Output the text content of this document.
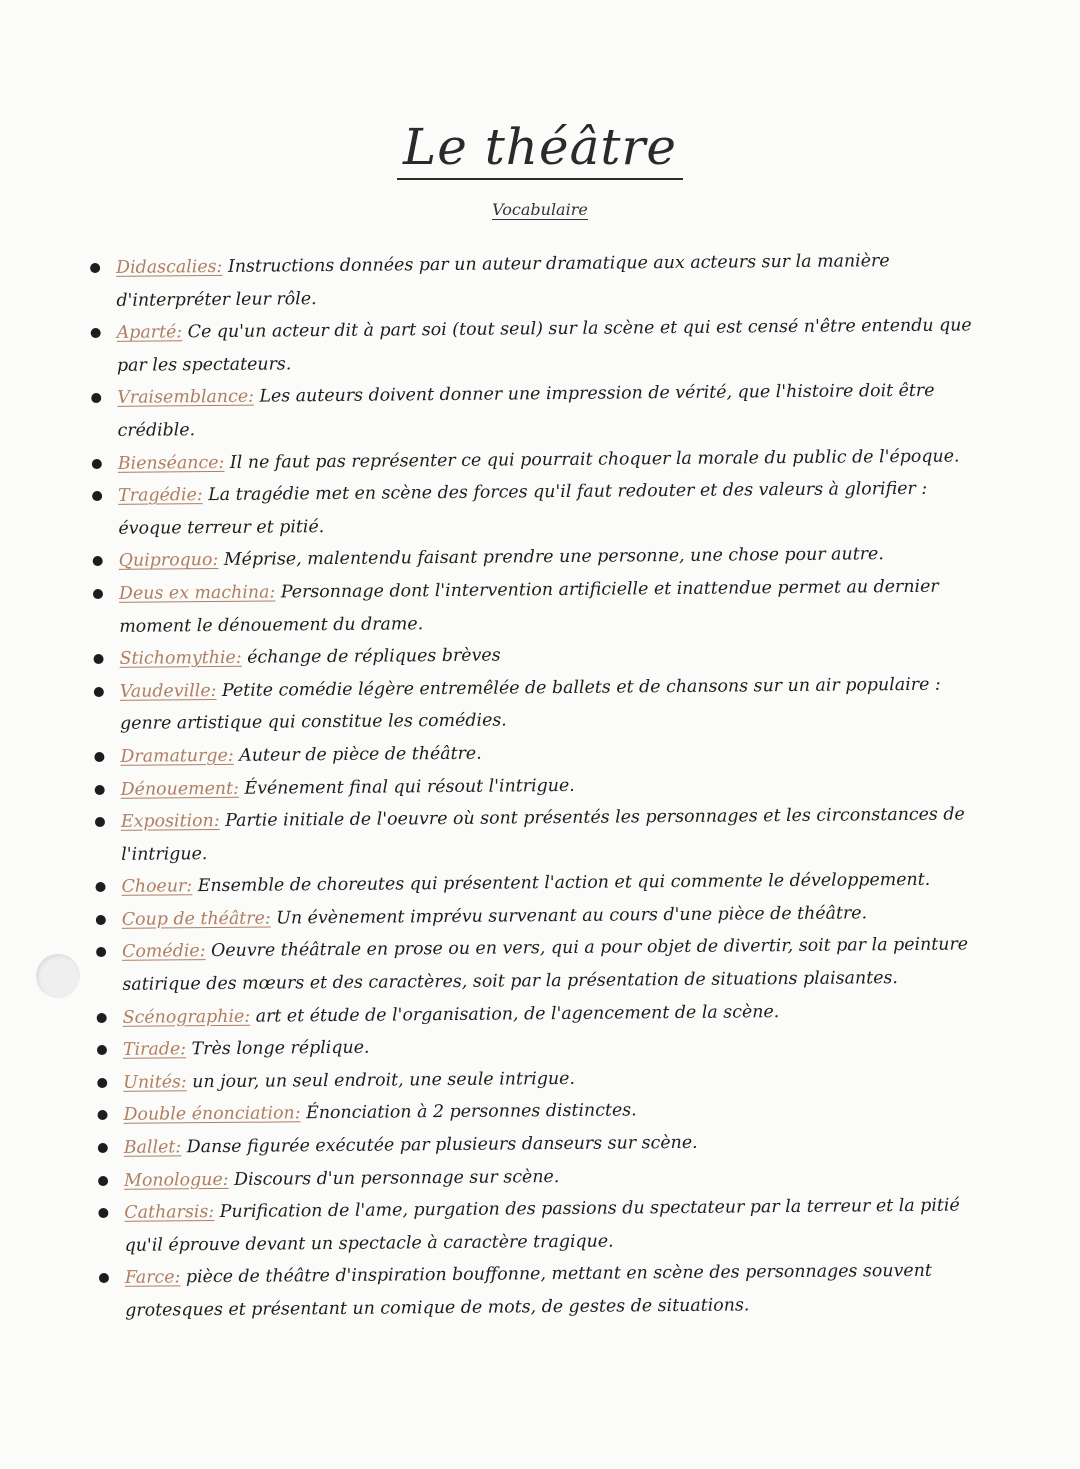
Le théâtre
Vocabulaire
Didascalies: Instructions données par un auteur dramatique aux acteurs sur la manière d'interpréter leur rôle.
Aparté: Ce qu'un acteur dit à part soi (tout seul) sur la scène et qui est censé n'être entendu que par les spectateurs.
Vraisemblance: Les auteurs doivent donner une impression de vérité, que l'histoire doit être crédible.
Bienséance: Il ne faut pas représenter ce qui pourrait choquer la morale du public de l'époque.
Tragédie: La tragédie met en scène des forces qu'il faut redouter et des valeurs à glorifier : évoque terreur et pitié.
Quiproquo: Méprise, malentendu faisant prendre une personne, une chose pour autre.
Deus ex machina: Personnage dont l'intervention artificielle et inattendue permet au dernier moment le dénouement du drame.
Stichomythie: échange de répliques brèves
Vaudeville: Petite comédie légère entremêlée de ballets et de chansons sur un air populaire : genre artistique qui constitue les comédies.
Dramaturge: Auteur de pièce de théâtre.
Dénouement: Événement final qui résout l'intrigue.
Exposition: Partie initiale de l'oeuvre où sont présentés les personnages et les circonstances de l'intrigue.
Choeur: Ensemble de choreutes qui présentent l'action et qui commente le développement.
Coup de théâtre: Un évènement imprévu survenant au cours d'une pièce de théâtre.
Comédie: Oeuvre théâtrale en prose ou en vers, qui a pour objet de divertir, soit par la peinture satirique des mœurs et des caractères, soit par la présentation de situations plaisantes.
Scénographie: art et étude de l'organisation, de l'agencement de la scène.
Tirade: Très longe réplique.
Unités: un jour, un seul endroit, une seule intrigue.
Double énonciation: Énonciation à 2 personnes distinctes.
Ballet: Danse figurée exécutée par plusieurs danseurs sur scène.
Monologue: Discours d'un personnage sur scène.
Catharsis: Purification de l'ame, purgation des passions du spectateur par la terreur et la pitié qu'il éprouve devant un spectacle à caractère tragique.
Farce: pièce de théâtre d'inspiration bouffonne, mettant en scène des personnages souvent grotesques et présentant un comique de mots, de gestes de situations.
